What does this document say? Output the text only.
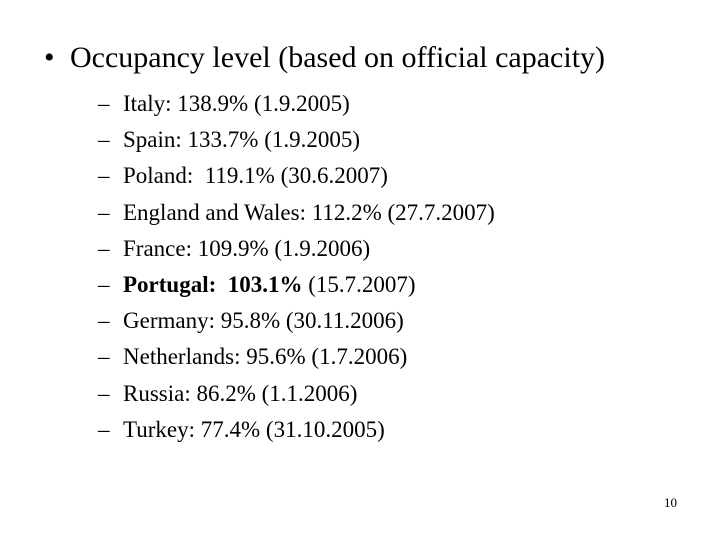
• Occupancy level (based on official capacity)
– Italy: 138.9% (1.9.2005)
– Spain: 133.7% (1.9.2005)
– Poland:  119.1% (30.6.2007)
– England and Wales: 112.2% (27.7.2007)
– France: 109.9% (1.9.2006)
– Portugal:  103.1% (15.7.2007)
– Germany: 95.8% (30.11.2006)
– Netherlands: 95.6% (1.7.2006)
– Russia: 86.2% (1.1.2006)
– Turkey: 77.4% (31.10.2005)
10
